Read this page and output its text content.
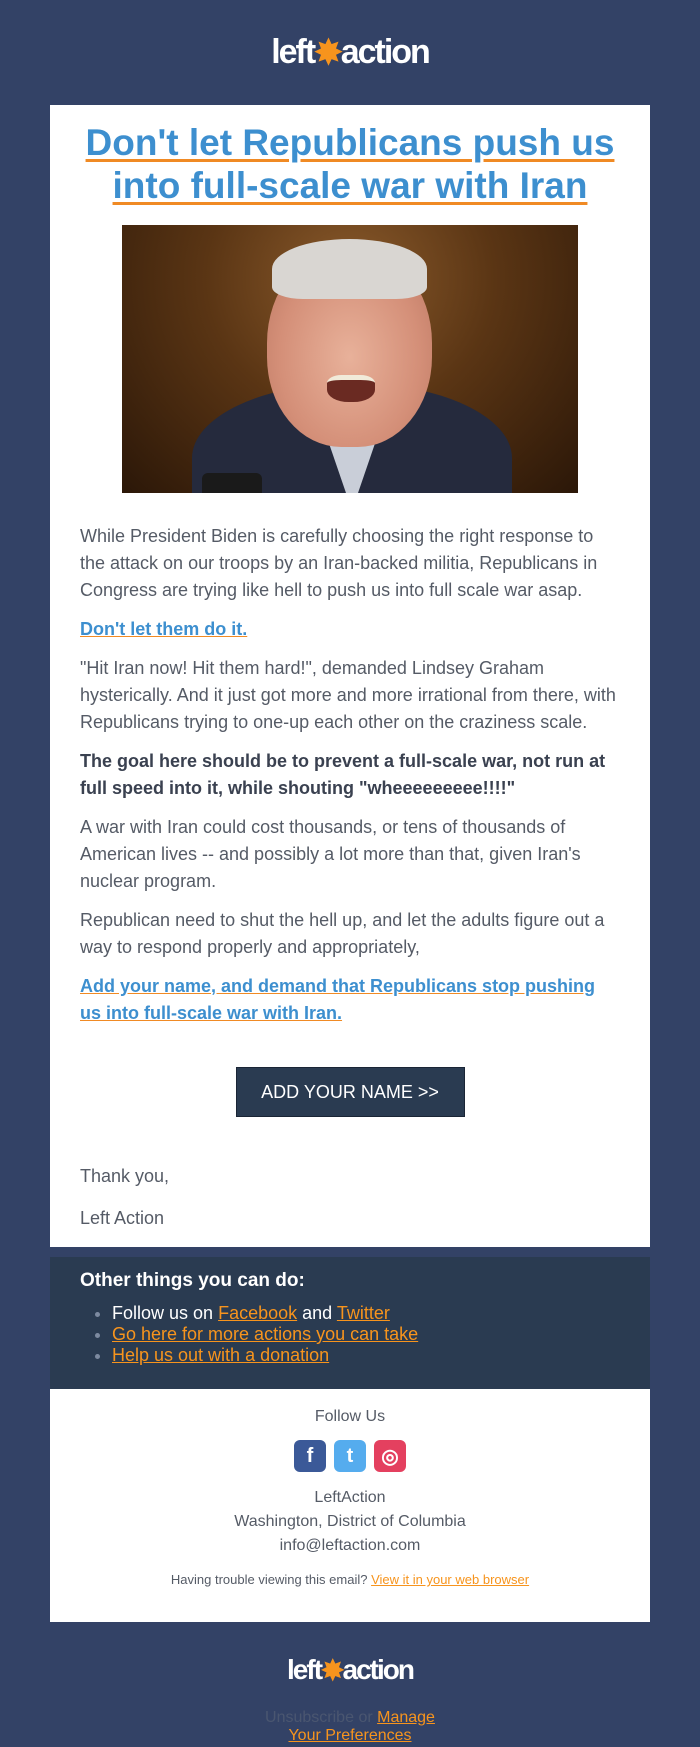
left ✸ action
Don't let Republicans push us into full-scale war with Iran

While President Biden is carefully choosing the right response to the attack on our troops by an Iran-backed militia, Republicans in Congress are trying like hell to push us into full scale war asap.

Don't let them do it.

"Hit Iran now! Hit them hard!", demanded Lindsey Graham hysterically. And it just got more and more irrational from there, with Republicans trying to one-up each other on the craziness scale.

The goal here should be to prevent a full-scale war, not run at full speed into it, while shouting "wheeeeeeeee!!!!"

A war with Iran could cost thousands, or tens of thousands of American lives -- and possibly a lot more than that, given Iran's nuclear program.

Republican need to shut the hell up, and let the adults figure out a way to respond properly and appropriately,

Add your name, and demand that Republicans stop pushing us into full-scale war with Iran.

ADD YOUR NAME >>

Thank you,

Left Action

Other things you can do:
• Follow us on Facebook and Twitter
• Go here for more actions you can take
• Help us out with a donation
Follow Us
f	t	◎
LeftAction
Washington, District of Columbia
info@leftaction.com
Having trouble viewing this email? View it in your web browser
left ✸ action
Unsubscribe or Manage
Your Preferences
